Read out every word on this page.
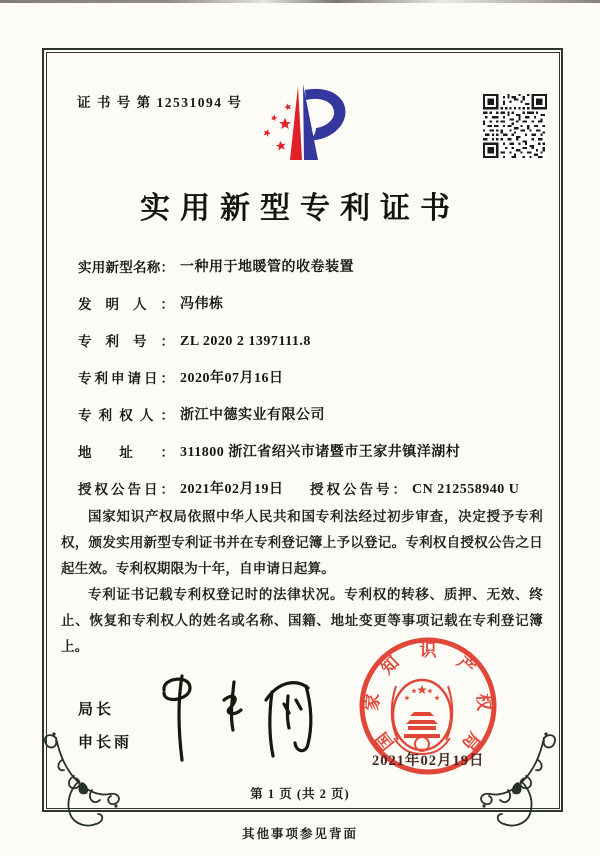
证 书 号 第 12531094 号
实用新型专利证书
实用新型名称： 一种用于地暖管的收卷装置
发明人： 冯伟栋
专利号： ZL 2020 2 1397111.8
专利申请日： 2020年07月16日
专利权人： 浙江中德实业有限公司
地址： 311800 浙江省绍兴市诸暨市王家井镇洋湖村
授权公告日： 2021年02月19日 授权公告号： CN 212558940 U

国家知识产权局依照中华人民共和国专利法经过初步审查，决定授予专利权，颁发实用新型专利证书并在专利登记簿上予以登记。专利权自授权公告之日起生效。专利权期限为十年，自申请日起算。

专利证书记载专利权登记时的法律状况。专利权的转移、质押、无效、终止、恢复和专利权人的姓名或名称、国籍、地址变更等事项记载在专利登记簿上。

局长
申长雨	国
家
知
识
产
权
局
2021年02月19日
第 1 页 (共 2 页)
其他事项参见背面
